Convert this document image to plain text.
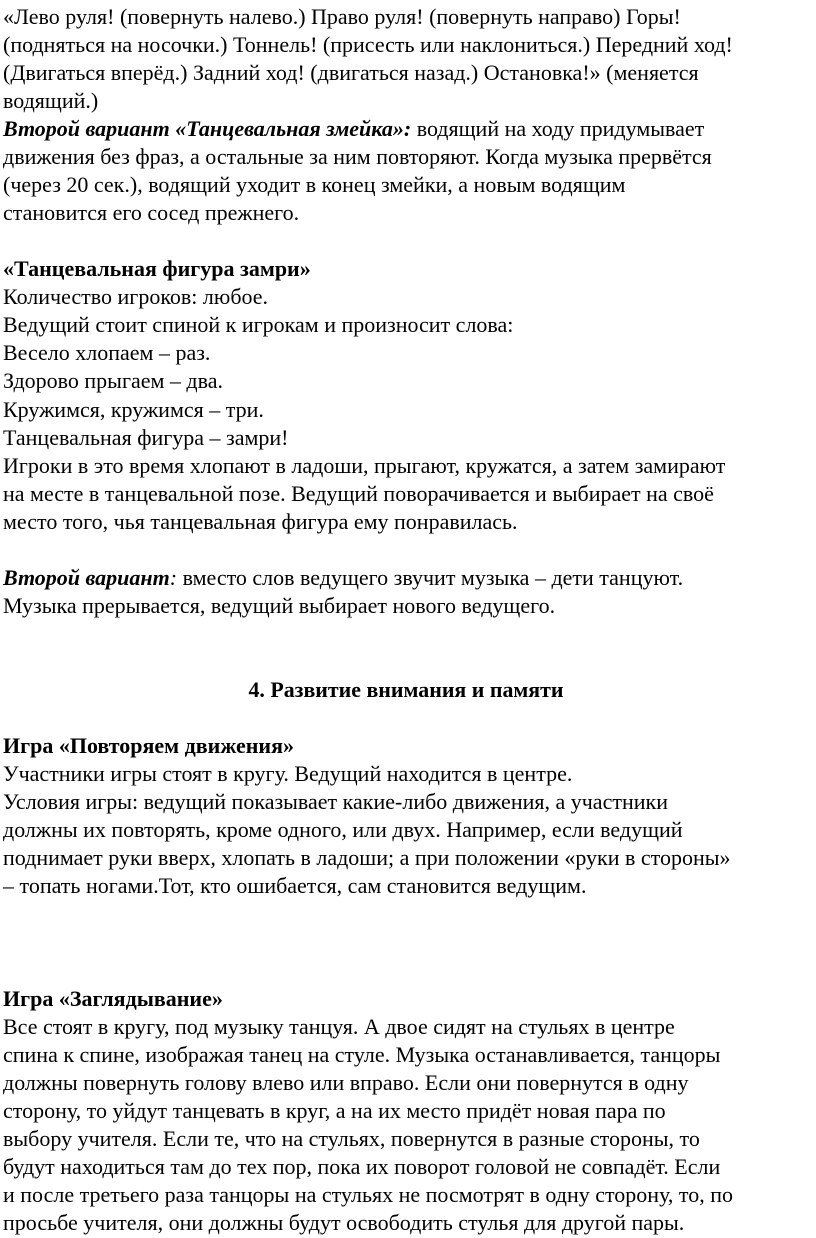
«Лево руля! (повернуть налево.) Право руля! (повернуть направо) Горы!
(подняться на носочки.) Тоннель! (присесть или наклониться.) Передний ход!
(Двигаться вперёд.) Задний ход! (двигаться назад.) Остановка!» (меняется
водящий.)
Второй вариант «Танцевальная змейка»: водящий на ходу придумывает
движения без фраз, а остальные за ним повторяют. Когда музыка прервётся
(через 20 сек.), водящий уходит в конец змейки, а новым водящим
становится его сосед прежнего.
«Танцевальная фигура замри»
Количество игроков: любое.
Ведущий стоит спиной к игрокам и произносит слова:
Весело хлопаем – раз.
Здорово прыгаем – два.
Кружимся, кружимся – три.
Танцевальная фигура – замри!
Игроки в это время хлопают в ладоши, прыгают, кружатся, а затем замирают
на месте в танцевальной позе. Ведущий поворачивается и выбирает на своё
место того, чья танцевальная фигура ему понравилась.
Второй вариант: вместо слов ведущего звучит музыка – дети танцуют.
Музыка прерывается, ведущий выбирает нового ведущего.
4. Развитие внимания и памяти
Игра «Повторяем движения»
Участники игры стоят в кругу. Ведущий находится в центре.
Условия игры: ведущий показывает какие-либо движения, а участники
должны их повторять, кроме одного, или двух. Например, если ведущий
поднимает руки вверх, хлопать в ладоши; а при положении «руки в стороны»
– топать ногами.Тот, кто ошибается, сам становится ведущим.
Игра «Заглядывание»
Все стоят в кругу, под музыку танцуя. А двое сидят на стульях в центре
спина к спине, изображая танец на стуле. Музыка останавливается, танцоры
должны повернуть голову влево или вправо. Если они повернутся в одну
сторону, то уйдут танцевать в круг, а на их место придёт новая пара по
выбору учителя. Если те, что на стульях, повернутся в разные стороны, то
будут находиться там до тех пор, пока их поворот головой не совпадёт. Если
и после третьего раза танцоры на стульях не посмотрят в одну сторону, то, по
просьбе учителя, они должны будут освободить стулья для другой пары.
